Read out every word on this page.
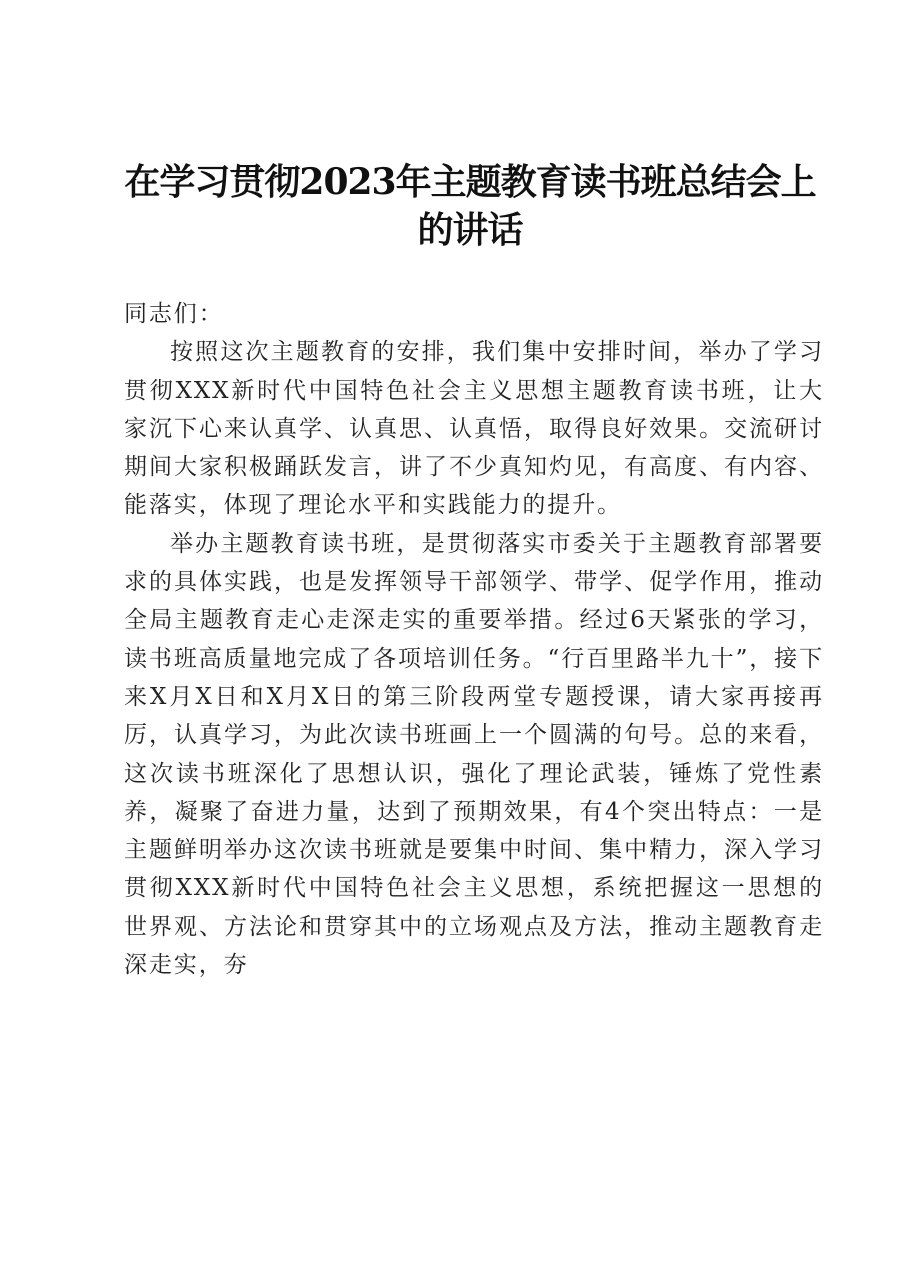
在学习贯彻2023年主题教育读书班总结会上的讲话

同志们：

按照这次主题教育的安排，我们集中安排时间，举办了学习贯彻XXX新时代中国特色社会主义思想主题教育读书班，让大家沉下心来认真学、认真思、认真悟，取得良好效果。交流研讨期间大家积极踊跃发言，讲了不少真知灼见，有高度、有内容、能落实，体现了理论水平和实践能力的提升。

举办主题教育读书班，是贯彻落实市委关于主题教育部署要求的具体实践，也是发挥领导干部领学、带学、促学作用，推动全局主题教育走心走深走实的重要举措。经过6天紧张的学习，读书班高质量地完成了各项培训任务。“行百里路半九十”，接下来X月X日和X月X日的第三阶段两堂专题授课，请大家再接再厉，认真学习，为此次读书班画上一个圆满的句号。总的来看，这次读书班深化了思想认识，强化了理论武装，锤炼了党性素养，凝聚了奋进力量，达到了预期效果，有4个突出特点：一是主题鲜明举办这次读书班就是要集中时间、集中精力，深入学习贯彻XXX新时代中国特色社会主义思想，系统把握这一思想的世界观、方法论和贯穿其中的立场观点及方法，推动主题教育走深走实，夯
